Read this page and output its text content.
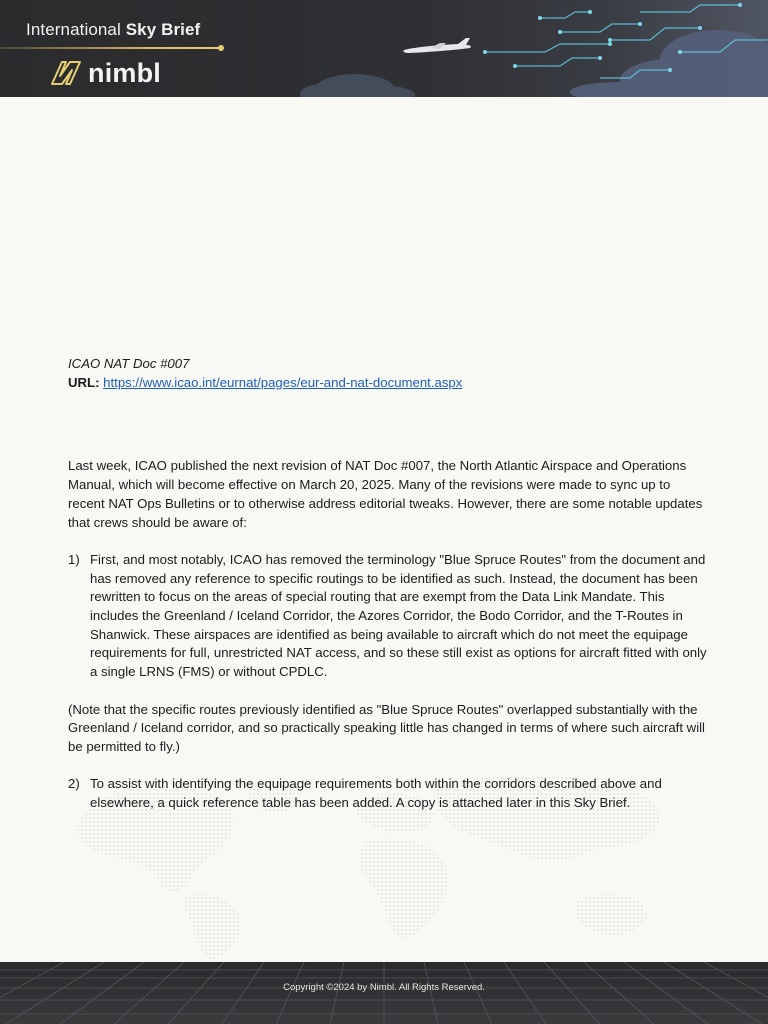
International Sky Brief
nimbl

ICAO NAT Doc #007

URL: https://www.icao.int/eurnat/pages/eur-and-nat-document.aspx

Last week, ICAO published the next revision of NAT Doc #007, the North Atlantic Airspace and Operations Manual, which will become effective on March 20, 2025. Many of the revisions were made to sync up to recent NAT Ops Bulletins or to otherwise address editorial tweaks. However, there are some notable updates that crews should be aware of:

1) First, and most notably, ICAO has removed the terminology "Blue Spruce Routes" from the document and has removed any reference to specific routings to be identified as such. Instead, the document has been rewritten to focus on the areas of special routing that are exempt from the Data Link Mandate. This includes the Greenland / Iceland Corridor, the Azores Corridor, the Bodo Corridor, and the T-Routes in Shanwick. These airspaces are identified as being available to aircraft which do not meet the equipage requirements for full, unrestricted NAT access, and so these still exist as options for aircraft fitted with only a single LRNS (FMS) or without CPDLC.

(Note that the specific routes previously identified as "Blue Spruce Routes" overlapped substantially with the Greenland / Iceland corridor, and so practically speaking little has changed in terms of where such aircraft will be permitted to fly.)

2) To assist with identifying the equipage requirements both within the corridors described above and elsewhere, a quick reference table has been added. A copy is attached later in this Sky Brief.
Copyright ©2024 by Nimbl. All Rights Reserved.
